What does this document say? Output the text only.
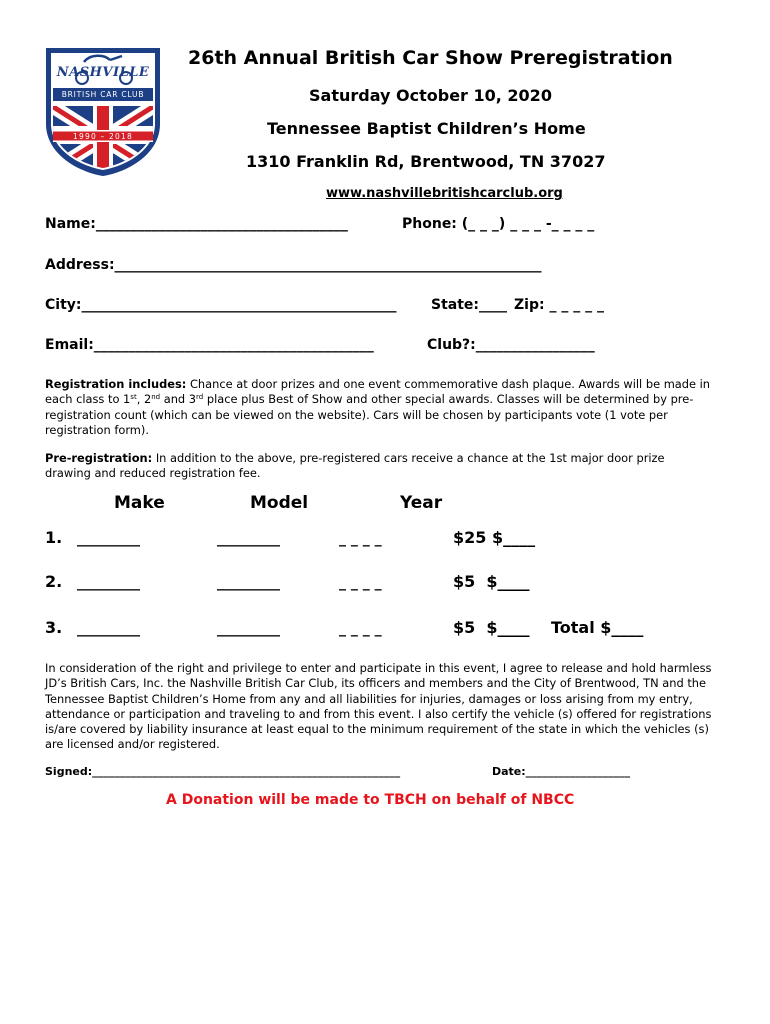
NASHVILLE
BRITISH CAR CLUB
1990 – 2018
26th Annual British Car Show Preregistration
Saturday October 10, 2020
Tennessee Baptist Children’s Home
1310 Franklin Rd, Brentwood, TN 37027
www.nashvillebritishcarclub.org
Name:____________________________________	Phone: (_ _ _) _ _ _ -_ _ _ _
Address:_____________________________________________________________
City:_____________________________________________ State:____ Zip: _ _ _ _ _
Email:________________________________________	Club?:_________________
Registration includes: Chance at door prizes and one event commemorative dash plaque. Awards will be made in each class to 1st, 2nd and 3rd place plus Best of Show and other special awards. Classes will be determined by pre-registration count (which can be viewed on the website). Cars will be chosen by participants vote (1 vote per registration form).
Pre-registration: In addition to the above, pre-registered cars receive a chance at the 1st major door prize drawing and reduced registration fee.
Make	Model	Year
1. _________	_________	_ _ _ _	$25 $____
2. _________	_________	_ _ _ _	$5  $____
3. _________	_________	_ _ _ _	$5  $____ Total $____
In consideration of the right and privilege to enter and participate in this event, I agree to release and hold harmless JD’s British Cars, Inc. the Nashville British Car Club, its officers and members and the City of Brentwood, TN and the Tennessee Baptist Children’s Home from any and all liabilities for injuries, damages or loss arising from my entry, attendance or participation and traveling to and from this event. I also certify the vehicle (s) offered for registrations is/are covered by liability insurance at least equal to the minimum requirement of the state in which the vehicles (s) are licensed and/or registered.
Signed:________________________________________________________	Date:___________________
A Donation will be made to TBCH on behalf of NBCC
